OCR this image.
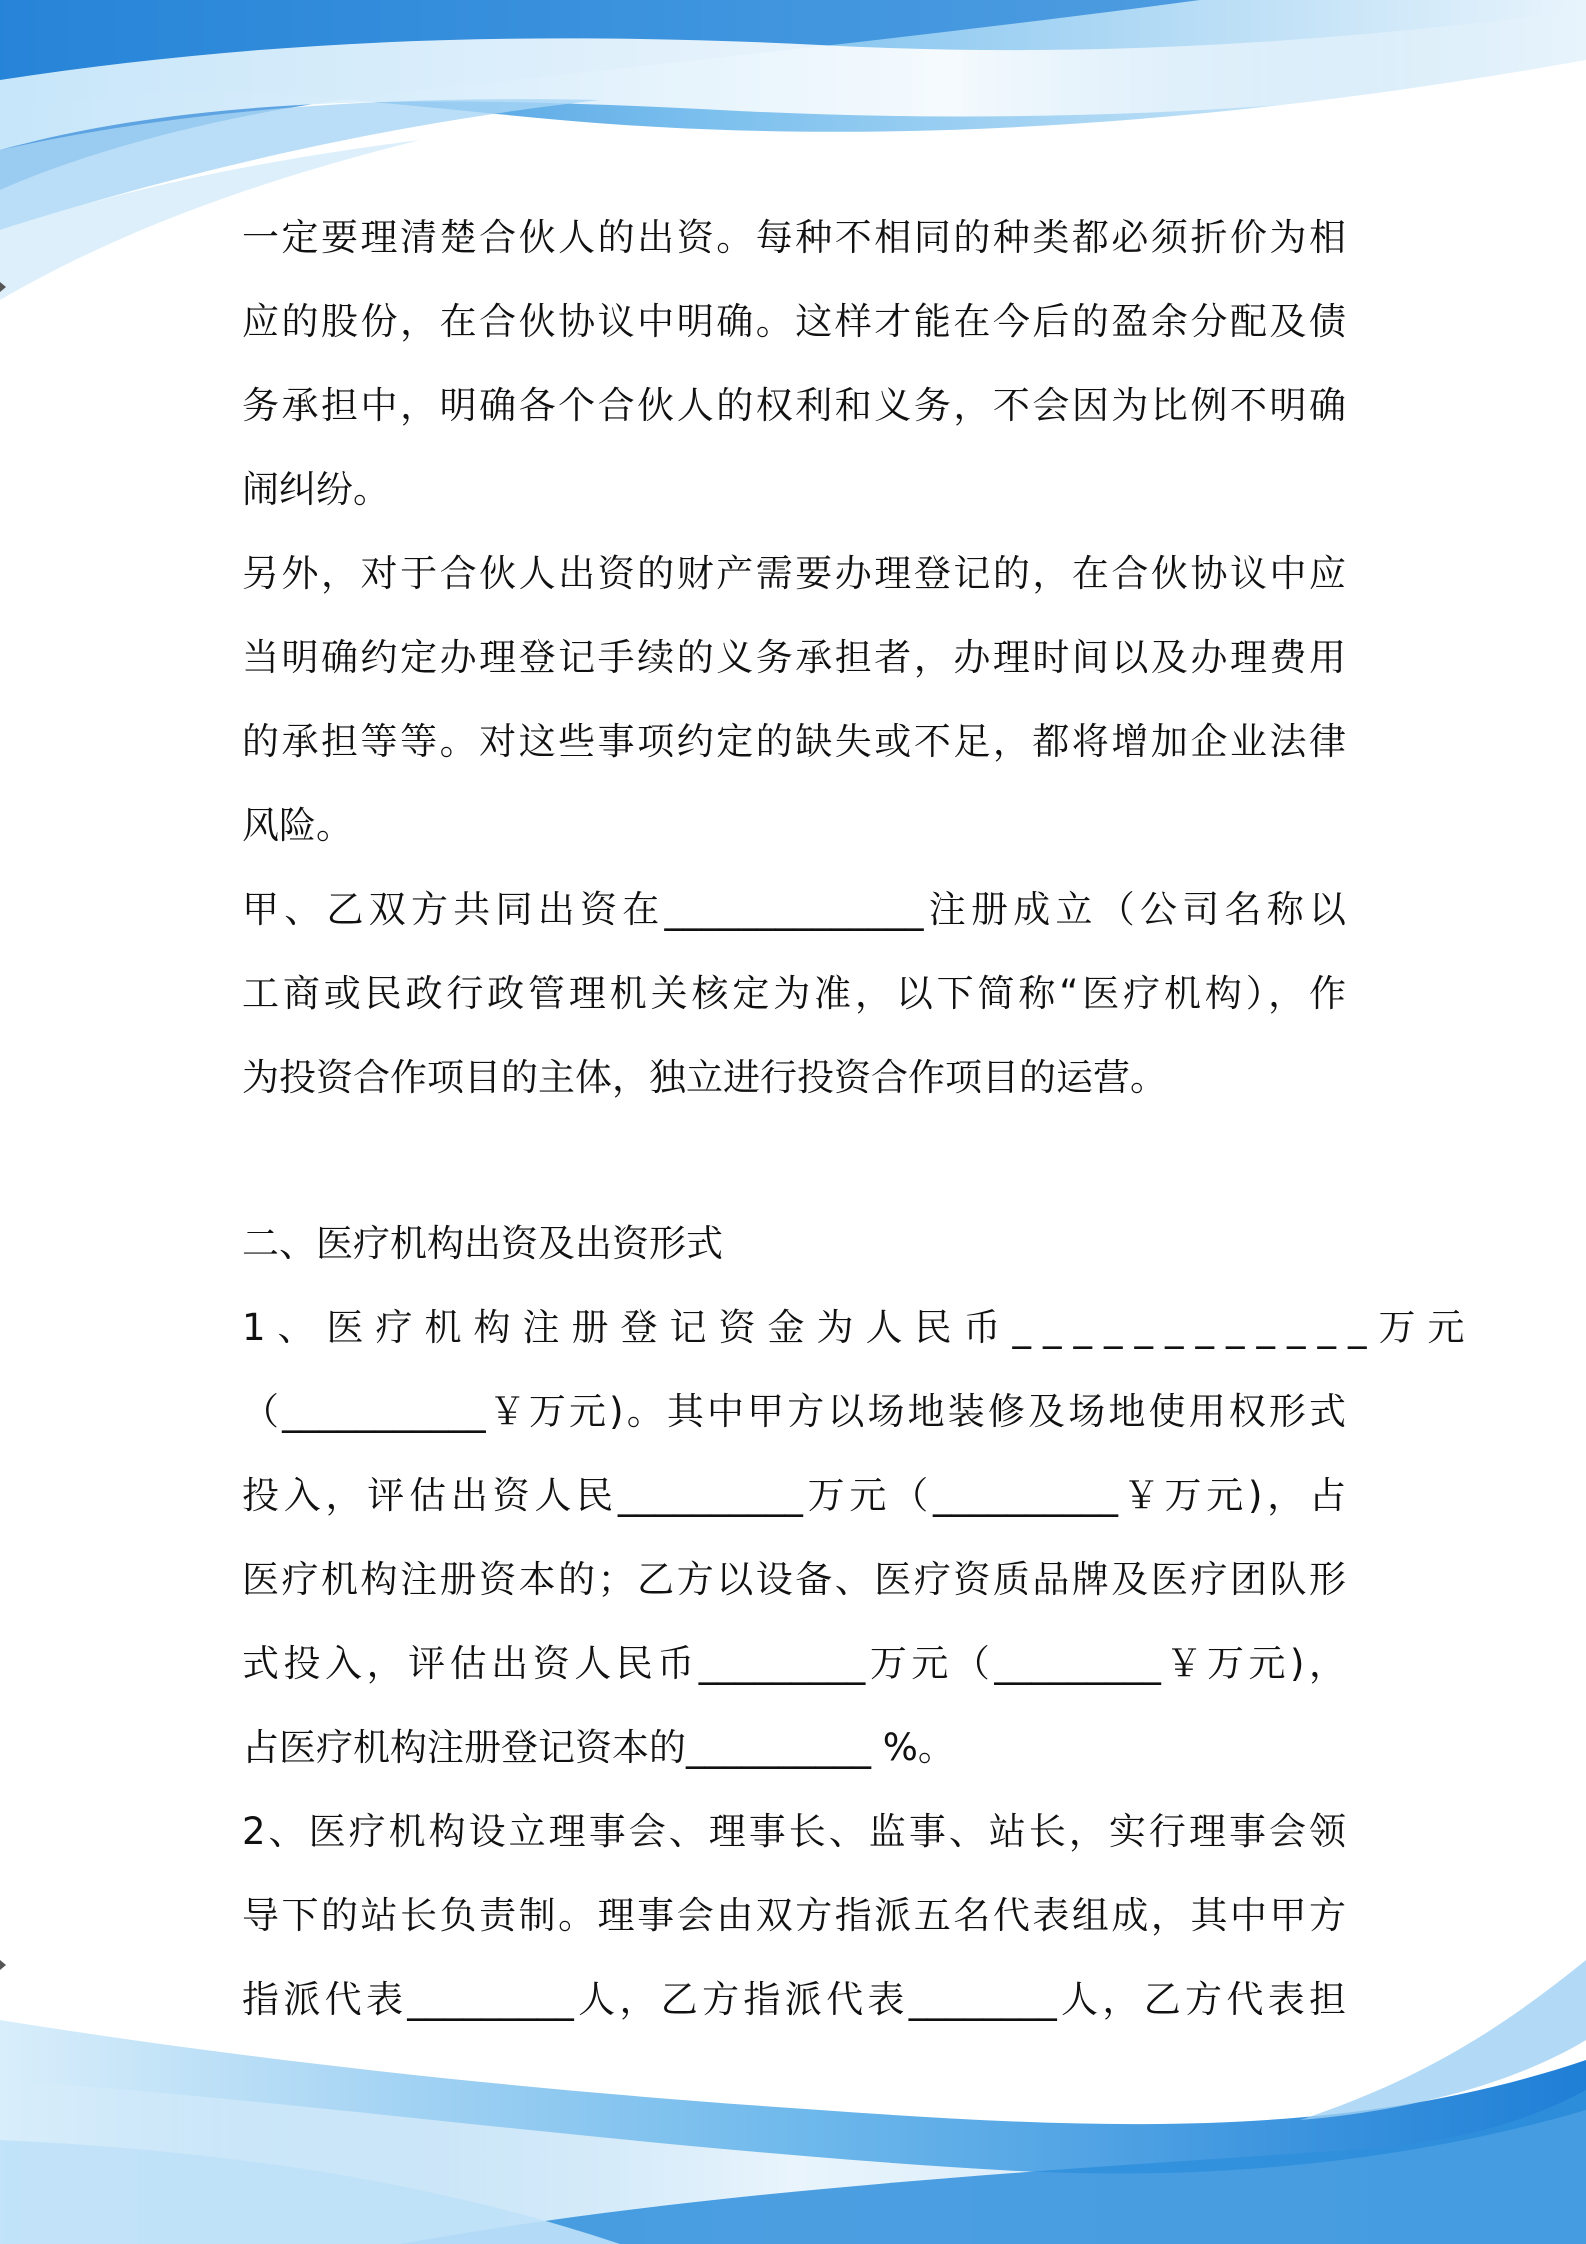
一定要理清楚合伙人的出资。每种不相同的种类都必须折价为相
应的股份，在合伙协议中明确。这样才能在今后的盈余分配及债
务承担中，明确各个合伙人的权利和义务，不会因为比例不明确
闹纠纷。
另外，对于合伙人出资的财产需要办理登记的，在合伙协议中应
当明确约定办理登记手续的义务承担者，办理时间以及办理费用
的承担等等。对这些事项约定的缺失或不足，都将增加企业法律
风险。
甲、乙双方共同出资在______________注册成立（公司名称以
工商或民政行政管理机关核定为准，以下简称“医疗机构），作
为投资合作项目的主体，独立进行投资合作项目的运营。
二、医疗机构出资及出资形式
1、医疗机构注册登记资金为人民币____________万元
（___________￥万元)。其中甲方以场地装修及场地使用权形式
投入，评估出资人民__________万元（__________￥万元)，占
医疗机构注册资本的；乙方以设备、医疗资质品牌及医疗团队形
式投入，评估出资人民币_________万元（_________￥万元)，
占医疗机构注册登记资本的__________ %。
2、医疗机构设立理事会、理事长、监事、站长，实行理事会领
导下的站长负责制。理事会由双方指派五名代表组成，其中甲方
指派代表_________人，乙方指派代表________人，乙方代表担
